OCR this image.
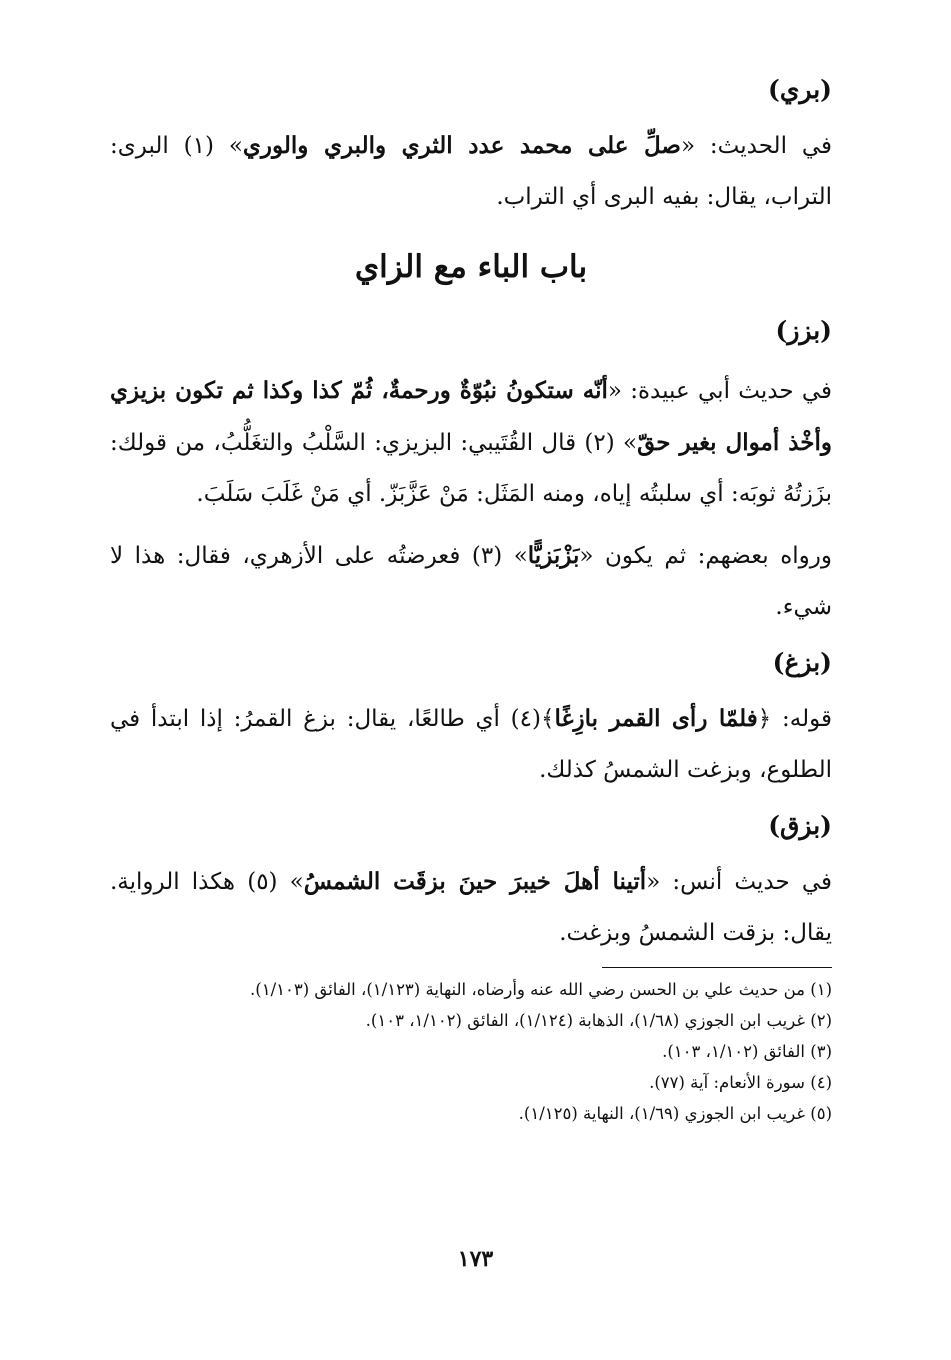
(بري)

في الحديث: «صلِّ على محمد عدد الثري والبري والوري» (١) البرى: التراب، يقال: بفيه البرى أي التراب.

باب الباء مع الزاي

(بزز)

في حديث أبي عبيدة: «أنّه ستكونُ نبُوّةٌ ورحمةٌ، ثُمّ كذا وكذا ثم تكون بزيزي وأخْذ أموال بغير حقّ» (٢) قال القُتَيبي: البزيزي: السَّلْبُ والتغَلُّبُ، من قولك: بزَزتُهُ ثوبَه: أي سلبتُه إياه، ومنه المَثَل: مَنْ عَزَّبَزّ. أي مَنْ غَلَبَ سَلَبَ.

ورواه بعضهم: ثم يكون «بَزْبَزيًّا» (٣) فعرضتُه على الأزهري، فقال: هذا لا شيء.

(بزغ)

قوله: ﴿فلمّا رأى القمر بازِغًا﴾(٤) أي طالعًا، يقال: بزغ القمرُ: إذا ابتدأ في الطلوع، وبزغت الشمسُ كذلك.

(بزق)

في حديث أنس: «أتينا أهلَ خيبرَ حينَ بزقَت الشمسُ» (٥) هكذا الرواية. يقال: بزقت الشمسُ وبزغت.

(١) من حديث علي بن الحسن رضي الله عنه وأرضاه، النهاية (١/١٢٣)، الفائق (١/١٠٣).

(٢) غريب ابن الجوزي (١/٦٨)، الذهابة (١/١٢٤)، الفائق (١/١٠٢، ١٠٣).

(٣) الفائق (١/١٠٢، ١٠٣).

(٤) سورة الأنعام: آية (٧٧).

(٥) غريب ابن الجوزي (١/٦٩)، النهاية (١/١٢٥).

١٧٣
